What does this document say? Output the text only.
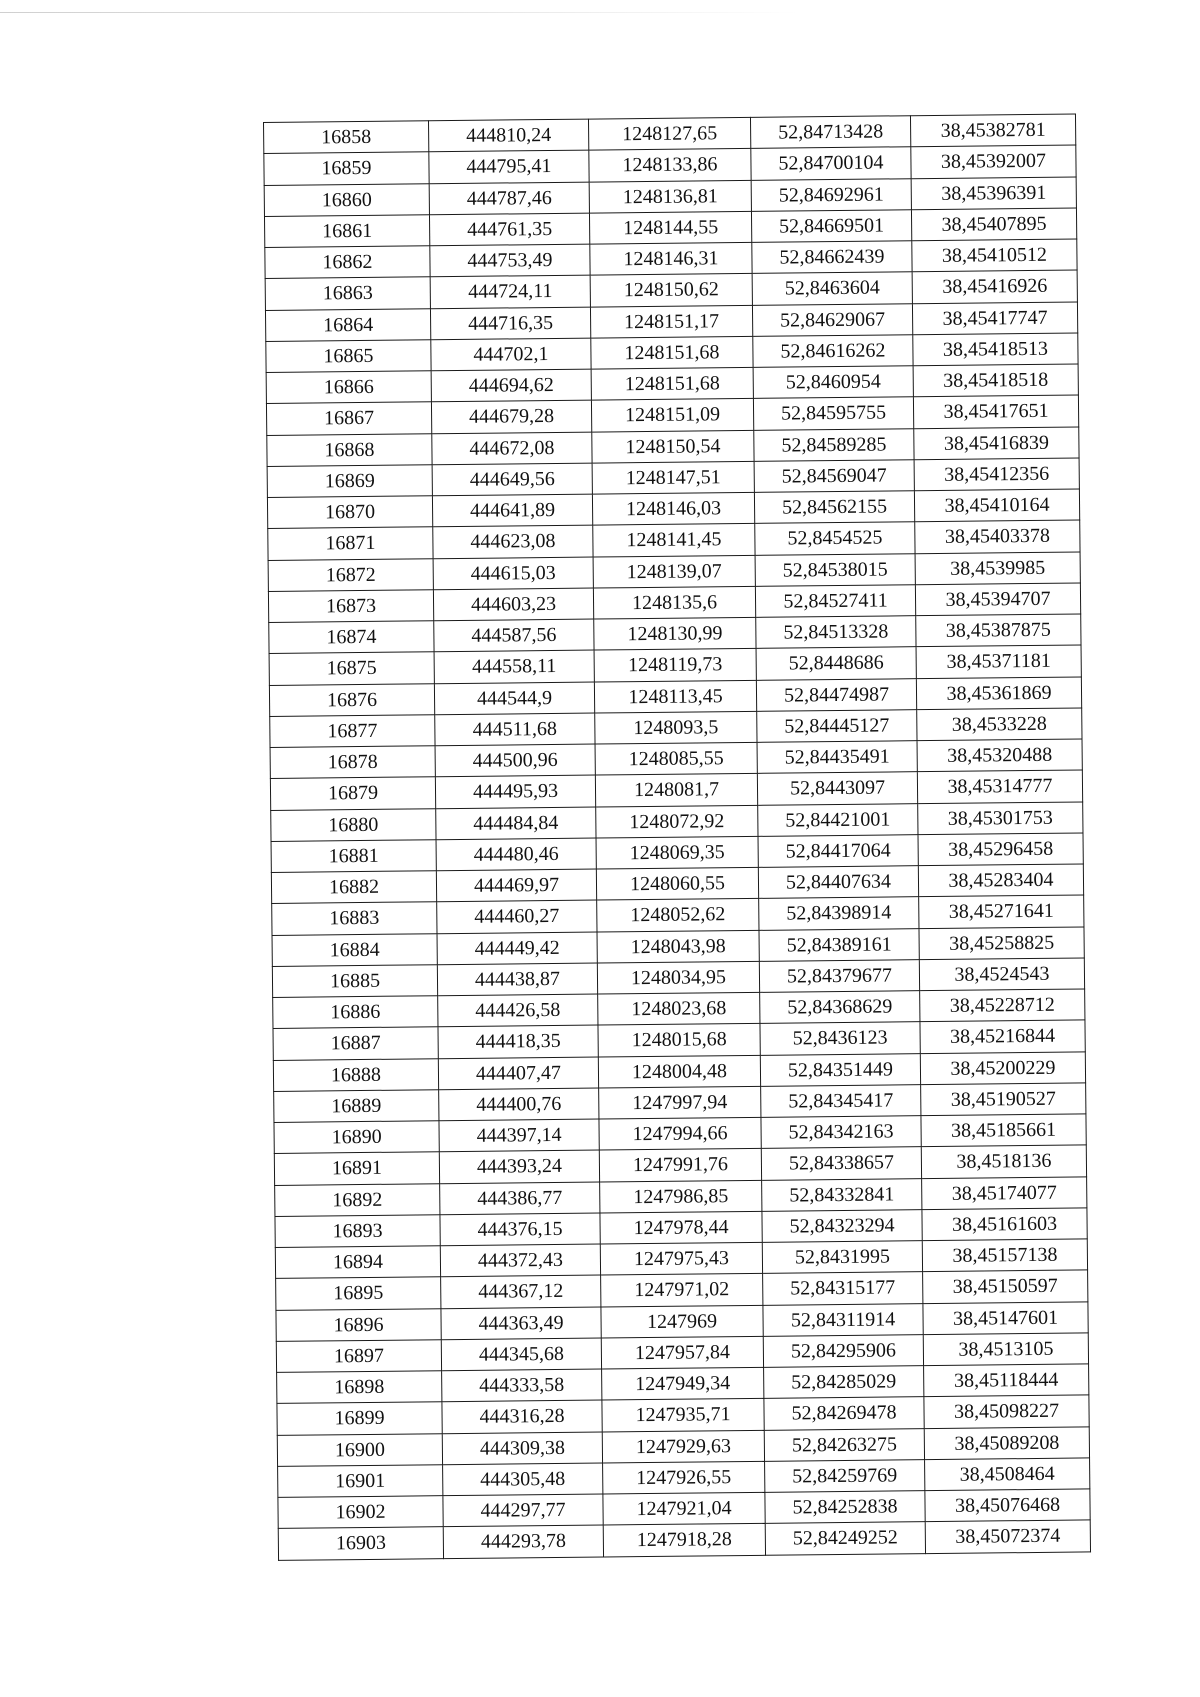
16858	444810,24	1248127,65	52,84713428	38,45382781
16859	444795,41	1248133,86	52,84700104	38,45392007
16860	444787,46	1248136,81	52,84692961	38,45396391
16861	444761,35	1248144,55	52,84669501	38,45407895
16862	444753,49	1248146,31	52,84662439	38,45410512
16863	444724,11	1248150,62	52,8463604	38,45416926
16864	444716,35	1248151,17	52,84629067	38,45417747
16865	444702,1	1248151,68	52,84616262	38,45418513
16866	444694,62	1248151,68	52,8460954	38,45418518
16867	444679,28	1248151,09	52,84595755	38,45417651
16868	444672,08	1248150,54	52,84589285	38,45416839
16869	444649,56	1248147,51	52,84569047	38,45412356
16870	444641,89	1248146,03	52,84562155	38,45410164
16871	444623,08	1248141,45	52,8454525	38,45403378
16872	444615,03	1248139,07	52,84538015	38,4539985
16873	444603,23	1248135,6	52,84527411	38,45394707
16874	444587,56	1248130,99	52,84513328	38,45387875
16875	444558,11	1248119,73	52,8448686	38,45371181
16876	444544,9	1248113,45	52,84474987	38,45361869
16877	444511,68	1248093,5	52,84445127	38,4533228
16878	444500,96	1248085,55	52,84435491	38,45320488
16879	444495,93	1248081,7	52,8443097	38,45314777
16880	444484,84	1248072,92	52,84421001	38,45301753
16881	444480,46	1248069,35	52,84417064	38,45296458
16882	444469,97	1248060,55	52,84407634	38,45283404
16883	444460,27	1248052,62	52,84398914	38,45271641
16884	444449,42	1248043,98	52,84389161	38,45258825
16885	444438,87	1248034,95	52,84379677	38,4524543
16886	444426,58	1248023,68	52,84368629	38,45228712
16887	444418,35	1248015,68	52,8436123	38,45216844
16888	444407,47	1248004,48	52,84351449	38,45200229
16889	444400,76	1247997,94	52,84345417	38,45190527
16890	444397,14	1247994,66	52,84342163	38,45185661
16891	444393,24	1247991,76	52,84338657	38,4518136
16892	444386,77	1247986,85	52,84332841	38,45174077
16893	444376,15	1247978,44	52,84323294	38,45161603
16894	444372,43	1247975,43	52,8431995	38,45157138
16895	444367,12	1247971,02	52,84315177	38,45150597
16896	444363,49	1247969	52,84311914	38,45147601
16897	444345,68	1247957,84	52,84295906	38,4513105
16898	444333,58	1247949,34	52,84285029	38,45118444
16899	444316,28	1247935,71	52,84269478	38,45098227
16900	444309,38	1247929,63	52,84263275	38,45089208
16901	444305,48	1247926,55	52,84259769	38,4508464
16902	444297,77	1247921,04	52,84252838	38,45076468
16903	444293,78	1247918,28	52,84249252	38,45072374
